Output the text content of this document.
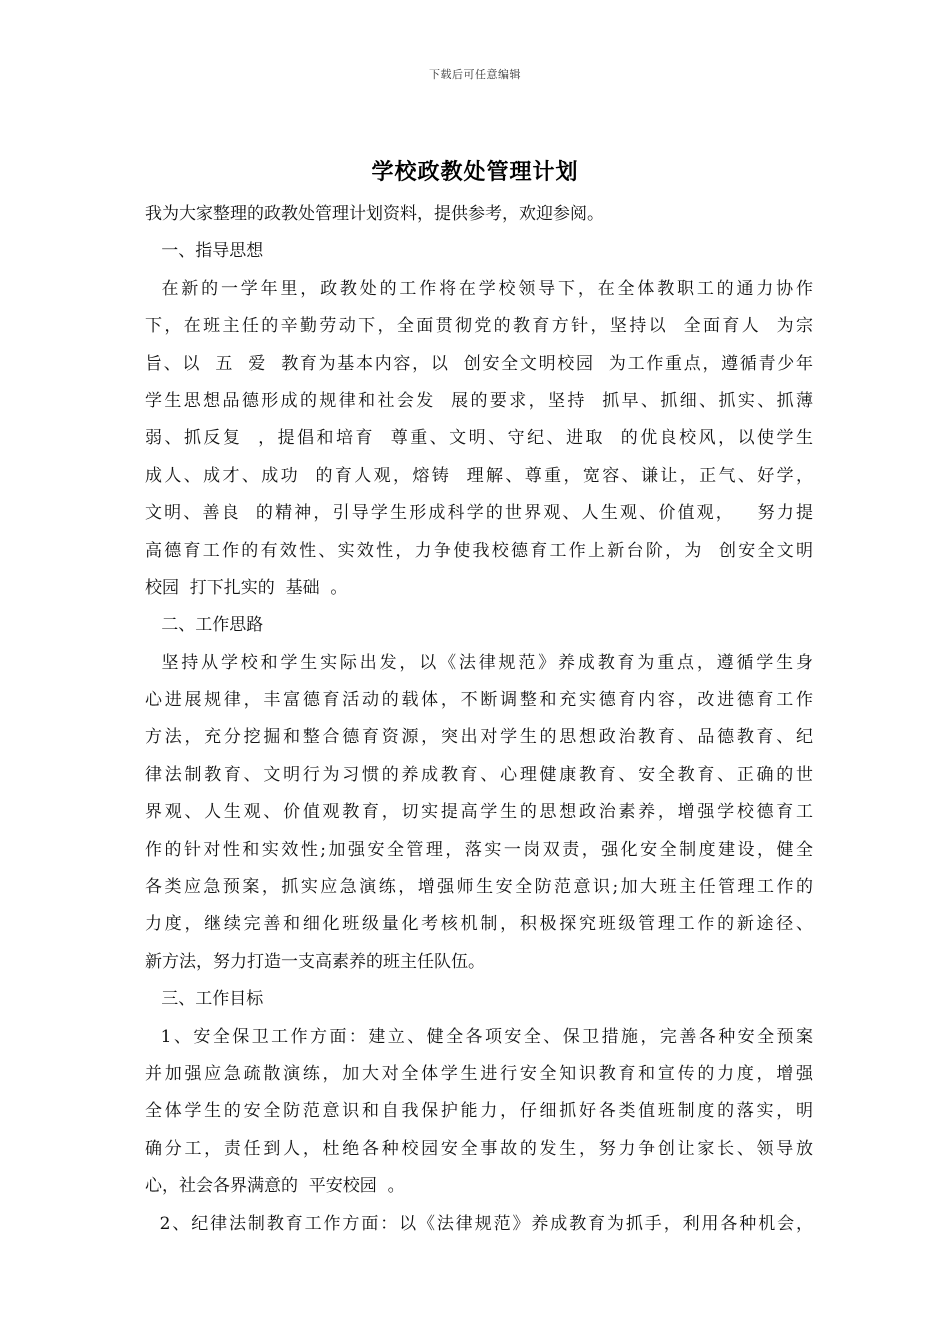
下载后可任意编辑
学校政教处管理计划
我为大家整理的政教处管理计划资料，提供参考，欢迎参阅。
一、指导思想
在新的一学年里，政教处的工作将在学校领导下，在全体教职工的通力协作
下，在班主任的辛勤劳动下，全面贯彻党的教育方针，坚持以  全面育人  为宗
旨、以  五  爱  教育为基本内容，以  创安全文明校园  为工作重点，遵循青少年
学生思想品德形成的规律和社会发  展的要求，坚持  抓早、抓细、抓实、抓薄
弱、抓反复  ，提倡和培育  尊重、文明、守纪、进取  的优良校风，以使学生
成人、成才、成功  的育人观，熔铸  理解、尊重，宽容、谦让，正气、好学，
文明、善良  的精神，引导学生形成科学的世界观、人生观、价值观，   努力提
高德育工作的有效性、实效性，力争使我校德育工作上新台阶，为  创安全文明
校园  打下扎实的  基础  。
二、工作思路
坚持从学校和学生实际出发，以《法律规范》养成教育为重点，遵循学生身
心进展规律，丰富德育活动的载体，不断调整和充实德育内容，改进德育工作
方法，充分挖掘和整合德育资源，突出对学生的思想政治教育、品德教育、纪
律法制教育、文明行为习惯的养成教育、心理健康教育、安全教育、正确的世
界观、人生观、价值观教育，切实提高学生的思想政治素养，增强学校德育工
作的针对性和实效性;加强安全管理，落实一岗双责，强化安全制度建设，健全
各类应急预案，抓实应急演练，增强师生安全防范意识;加大班主任管理工作的
力度，继续完善和细化班级量化考核机制，积极探究班级管理工作的新途径、
新方法，努力打造一支高素养的班主任队伍。
三、工作目标
1、安全保卫工作方面：建立、健全各项安全、保卫措施，完善各种安全预案
并加强应急疏散演练，加大对全体学生进行安全知识教育和宣传的力度，增强
全体学生的安全防范意识和自我保护能力，仔细抓好各类值班制度的落实，明
确分工，责任到人，杜绝各种校园安全事故的发生，努力争创让家长、领导放
心，社会各界满意的  平安校园  。
2、纪律法制教育工作方面：以《法律规范》养成教育为抓手，利用各种机会，
